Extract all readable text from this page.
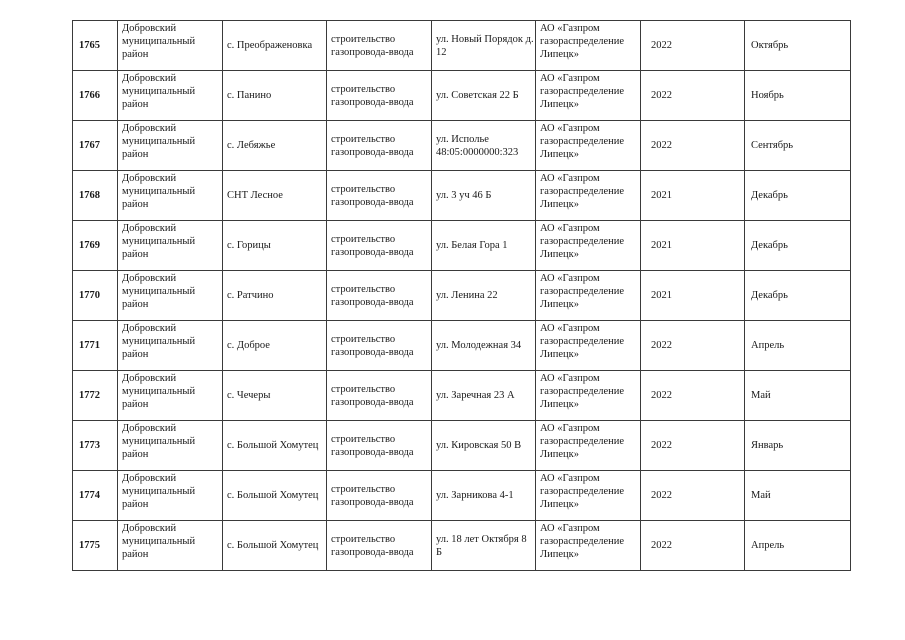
1765	Добровский муниципальный район	с. Преображеновка	строительство газопровода-ввода	ул. Новый Порядок д. 12	АО «Газпром газораспределение Липецк»	2022	Октябрь
1766	Добровский муниципальный район	с. Панино	строительство газопровода-ввода	ул. Советская 22 Б	АО «Газпром газораспределение Липецк»	2022	Ноябрь
1767	Добровский муниципальный район	с. Лебяжье	строительство газопровода-ввода	ул. Исполье 48:05:0000000:323	АО «Газпром газораспределение Липецк»	2022	Сентябрь
1768	Добровский муниципальный район	СНТ Лесное	строительство газопровода-ввода	ул. 3 уч 46 Б	АО «Газпром газораспределение Липецк»	2021	Декабрь
1769	Добровский муниципальный район	с. Горицы	строительство газопровода-ввода	ул. Белая Гора 1	АО «Газпром газораспределение Липецк»	2021	Декабрь
1770	Добровский муниципальный район	с. Ратчино	строительство газопровода-ввода	ул. Ленина 22	АО «Газпром газораспределение Липецк»	2021	Декабрь
1771	Добровский муниципальный район	с. Доброе	строительство газопровода-ввода	ул. Молодежная 34	АО «Газпром газораспределение Липецк»	2022	Апрель
1772	Добровский муниципальный район	с. Чечеры	строительство газопровода-ввода	ул. Заречная 23 А	АО «Газпром газораспределение Липецк»	2022	Май
1773	Добровский муниципальный район	с. Большой Хомутец	строительство газопровода-ввода	ул. Кировская 50 В	АО «Газпром газораспределение Липецк»	2022	Январь
1774	Добровский муниципальный район	с. Большой Хомутец	строительство газопровода-ввода	ул. Зарникова 4-1	АО «Газпром газораспределение Липецк»	2022	Май
1775	Добровский муниципальный район	с. Большой Хомутец	строительство газопровода-ввода	ул. 18 лет Октября 8 Б	АО «Газпром газораспределение Липецк»	2022	Апрель
